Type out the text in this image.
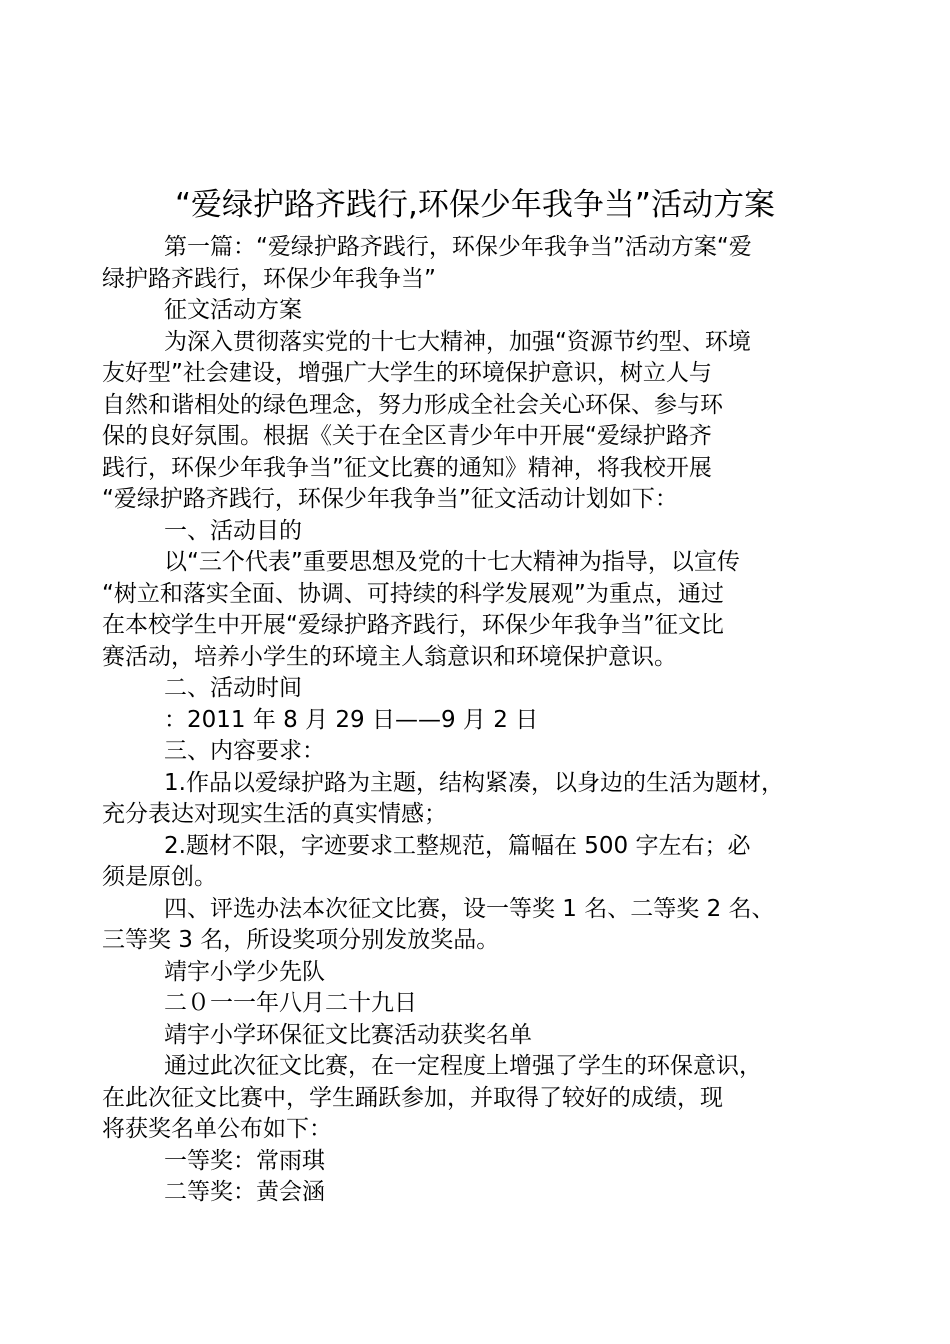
“爱绿护路齐践行,环保少年我争当”活动方案
第一篇：“爱绿护路齐践行，环保少年我争当”活动方案“爱
绿护路齐践行，环保少年我争当”
征文活动方案
为深入贯彻落实党的十七大精神，加强“资源节约型、环境
友好型”社会建设，增强广大学生的环境保护意识，树立人与
自然和谐相处的绿色理念，努力形成全社会关心环保、参与环
保的良好氛围。根据《关于在全区青少年中开展“爱绿护路齐
践行，环保少年我争当”征文比赛的通知》精神，将我校开展
“爱绿护路齐践行，环保少年我争当”征文活动计划如下：
一、活动目的
以“三个代表”重要思想及党的十七大精神为指导，以宣传
“树立和落实全面、协调、可持续的科学发展观”为重点，通过
在本校学生中开展“爱绿护路齐践行，环保少年我争当”征文比
赛活动，培养小学生的环境主人翁意识和环境保护意识。
二、活动时间
：2011 年 8 月 29 日——9 月 2 日
三、内容要求：
1.作品以爱绿护路为主题，结构紧凑，以身边的生活为题材，
充分表达对现实生活的真实情感；
2.题材不限，字迹要求工整规范，篇幅在 500 字左右；必
须是原创。
四、评选办法本次征文比赛，设一等奖 1 名、二等奖 2 名、
三等奖 3 名，所设奖项分别发放奖品。
靖宇小学少先队
二０一一年八月二十九日
靖宇小学环保征文比赛活动获奖名单
通过此次征文比赛，在一定程度上增强了学生的环保意识，
在此次征文比赛中，学生踊跃参加，并取得了较好的成绩，现
将获奖名单公布如下：
一等奖：常雨琪
二等奖：黄会涵
